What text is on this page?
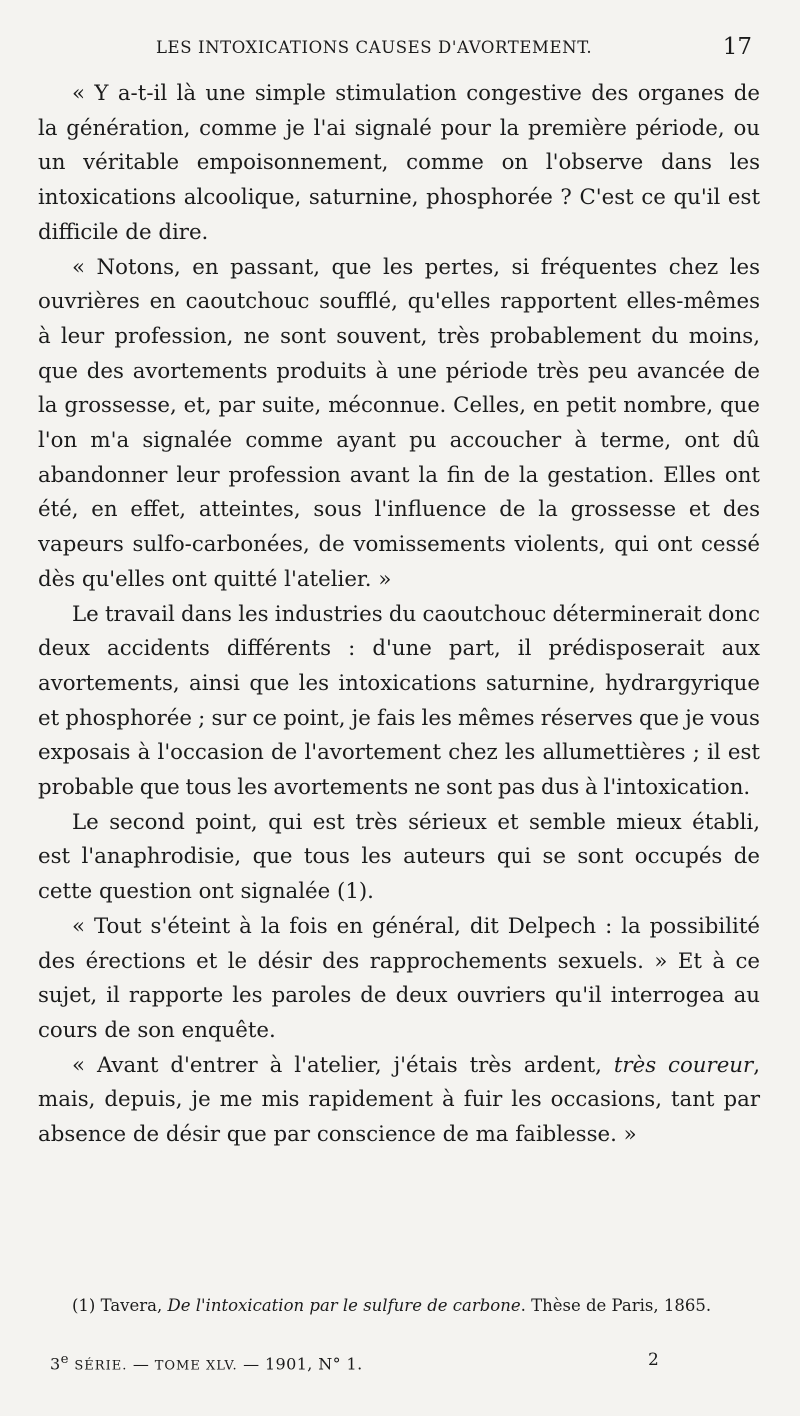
LES INTOXICATIONS CAUSES D'AVORTEMENT.	17

« Y a-t-il là une simple stimulation congestive des organes de la génération, comme je l'ai signalé pour la première période, ou un véritable empoisonnement, comme on l'observe dans les intoxications alcoolique, saturnine, phosphorée ? C'est ce qu'il est difficile de dire.

« Notons, en passant, que les pertes, si fréquentes chez les ouvrières en caoutchouc soufflé, qu'elles rapportent elles-mêmes à leur profession, ne sont souvent, très probablement du moins, que des avortements produits à une période très peu avancée de la grossesse, et, par suite, méconnue. Celles, en petit nombre, que l'on m'a signalée comme ayant pu accoucher à terme, ont dû abandonner leur profession avant la fin de la gestation. Elles ont été, en effet, atteintes, sous l'influence de la grossesse et des vapeurs sulfo-carbonées, de vomissements violents, qui ont cessé dès qu'elles ont quitté l'atelier. »

Le travail dans les industries du caoutchouc déterminerait donc deux accidents différents : d'une part, il prédisposerait aux avortements, ainsi que les intoxications saturnine, hydrargyrique et phosphorée ; sur ce point, je fais les mêmes réserves que je vous exposais à l'occasion de l'avortement chez les allumettières ; il est probable que tous les avortements ne sont pas dus à l'intoxication.

Le second point, qui est très sérieux et semble mieux établi, est l'anaphrodisie, que tous les auteurs qui se sont occupés de cette question ont signalée (1).

« Tout s'éteint à la fois en général, dit Delpech : la possibilité des érections et le désir des rapprochements sexuels. » Et à ce sujet, il rapporte les paroles de deux ouvriers qu'il interrogea au cours de son enquête.

« Avant d'entrer à l'atelier, j'étais très ardent, très coureur, mais, depuis, je me mis rapidement à fuir les occasions, tant par absence de désir que par conscience de ma faiblesse. »

(1) Tavera, De l'intoxication par le sulfure de carbone. Thèse de Paris, 1865.

3e SÉRIE. — TOME XLV. — 1901, N° 1.	2
